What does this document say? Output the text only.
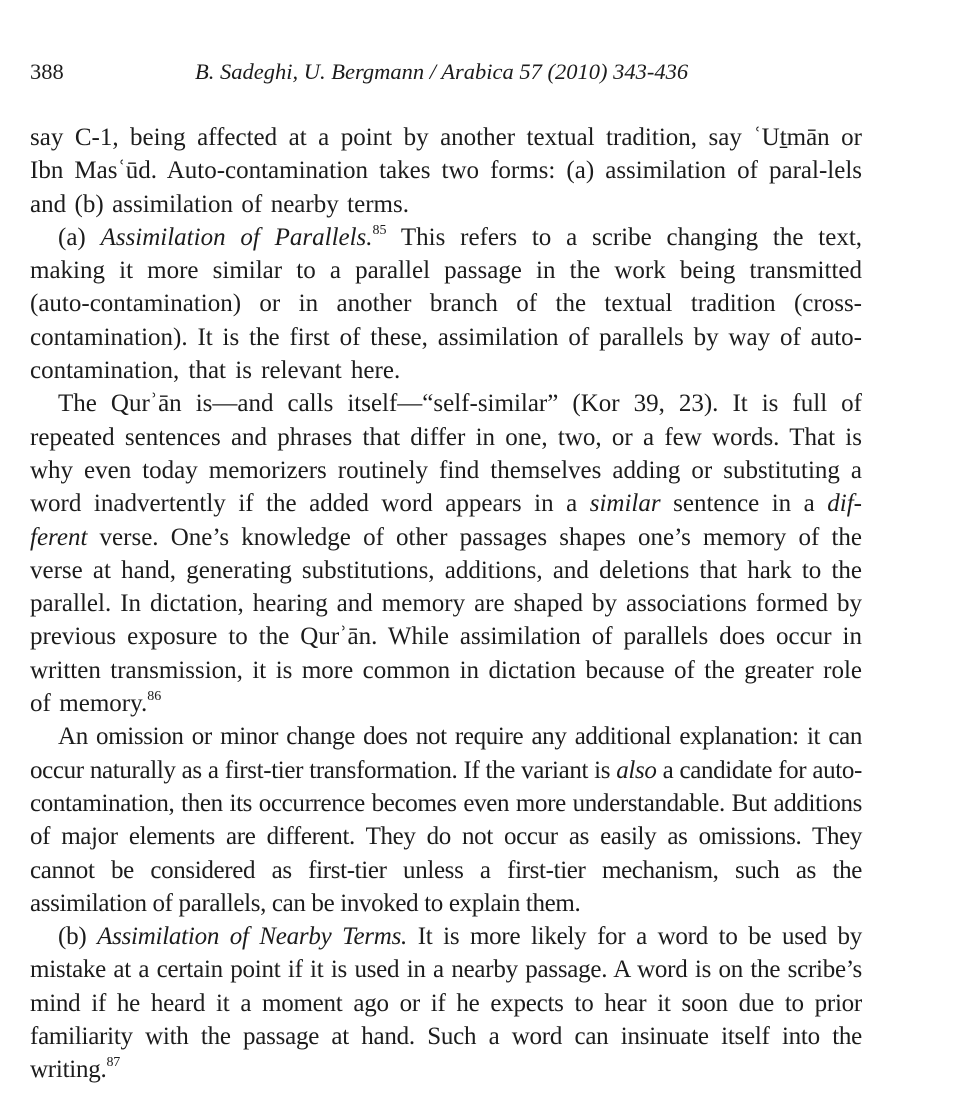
388	B. Sadeghi, U. Bergmann / Arabica 57 (2010) 343-436

say C-1, being affected at a point by another textual tradition, say ʿUṯmān or Ibn Masʿūd. Auto-contamination takes two forms: (a) assimilation of paral-lels and (b) assimilation of nearby terms.

(a) Assimilation of Parallels.$^{85}$ This refers to a scribe changing the text, making it more similar to a parallel passage in the work being transmitted (auto-contamination) or in another branch of the textual tradition (cross-contamination). It is the first of these, assimilation of parallels by way of auto-contamination, that is relevant here.

The Qurʾān is—and calls itself—“self-similar” (Kor 39, 23). It is full of repeated sentences and phrases that differ in one, two, or a few words. That is why even today memorizers routinely find themselves adding or substituting a word inadvertently if the added word appears in a similar sentence in a dif-ferent verse. One’s knowledge of other passages shapes one’s memory of the verse at hand, generating substitutions, additions, and deletions that hark to the parallel. In dictation, hearing and memory are shaped by associations formed by previous exposure to the Qurʾān. While assimilation of parallels does occur in written transmission, it is more common in dictation because of the greater role of memory.$^{86}$

An omission or minor change does not require any additional explanation: it can occur naturally as a first-tier transformation. If the variant is also a candidate for auto-contamination, then its occurrence becomes even more understandable. But additions of major elements are different. They do not occur as easily as omissions. They cannot be considered as first-tier unless a first-tier mechanism, such as the assimilation of parallels, can be invoked to explain them.

(b) Assimilation of Nearby Terms. It is more likely for a word to be used by mistake at a certain point if it is used in a nearby passage. A word is on the scribe’s mind if he heard it a moment ago or if he expects to hear it soon due to prior familiarity with the passage at hand. Such a word can insinuate itself into the writing.$^{87}$
